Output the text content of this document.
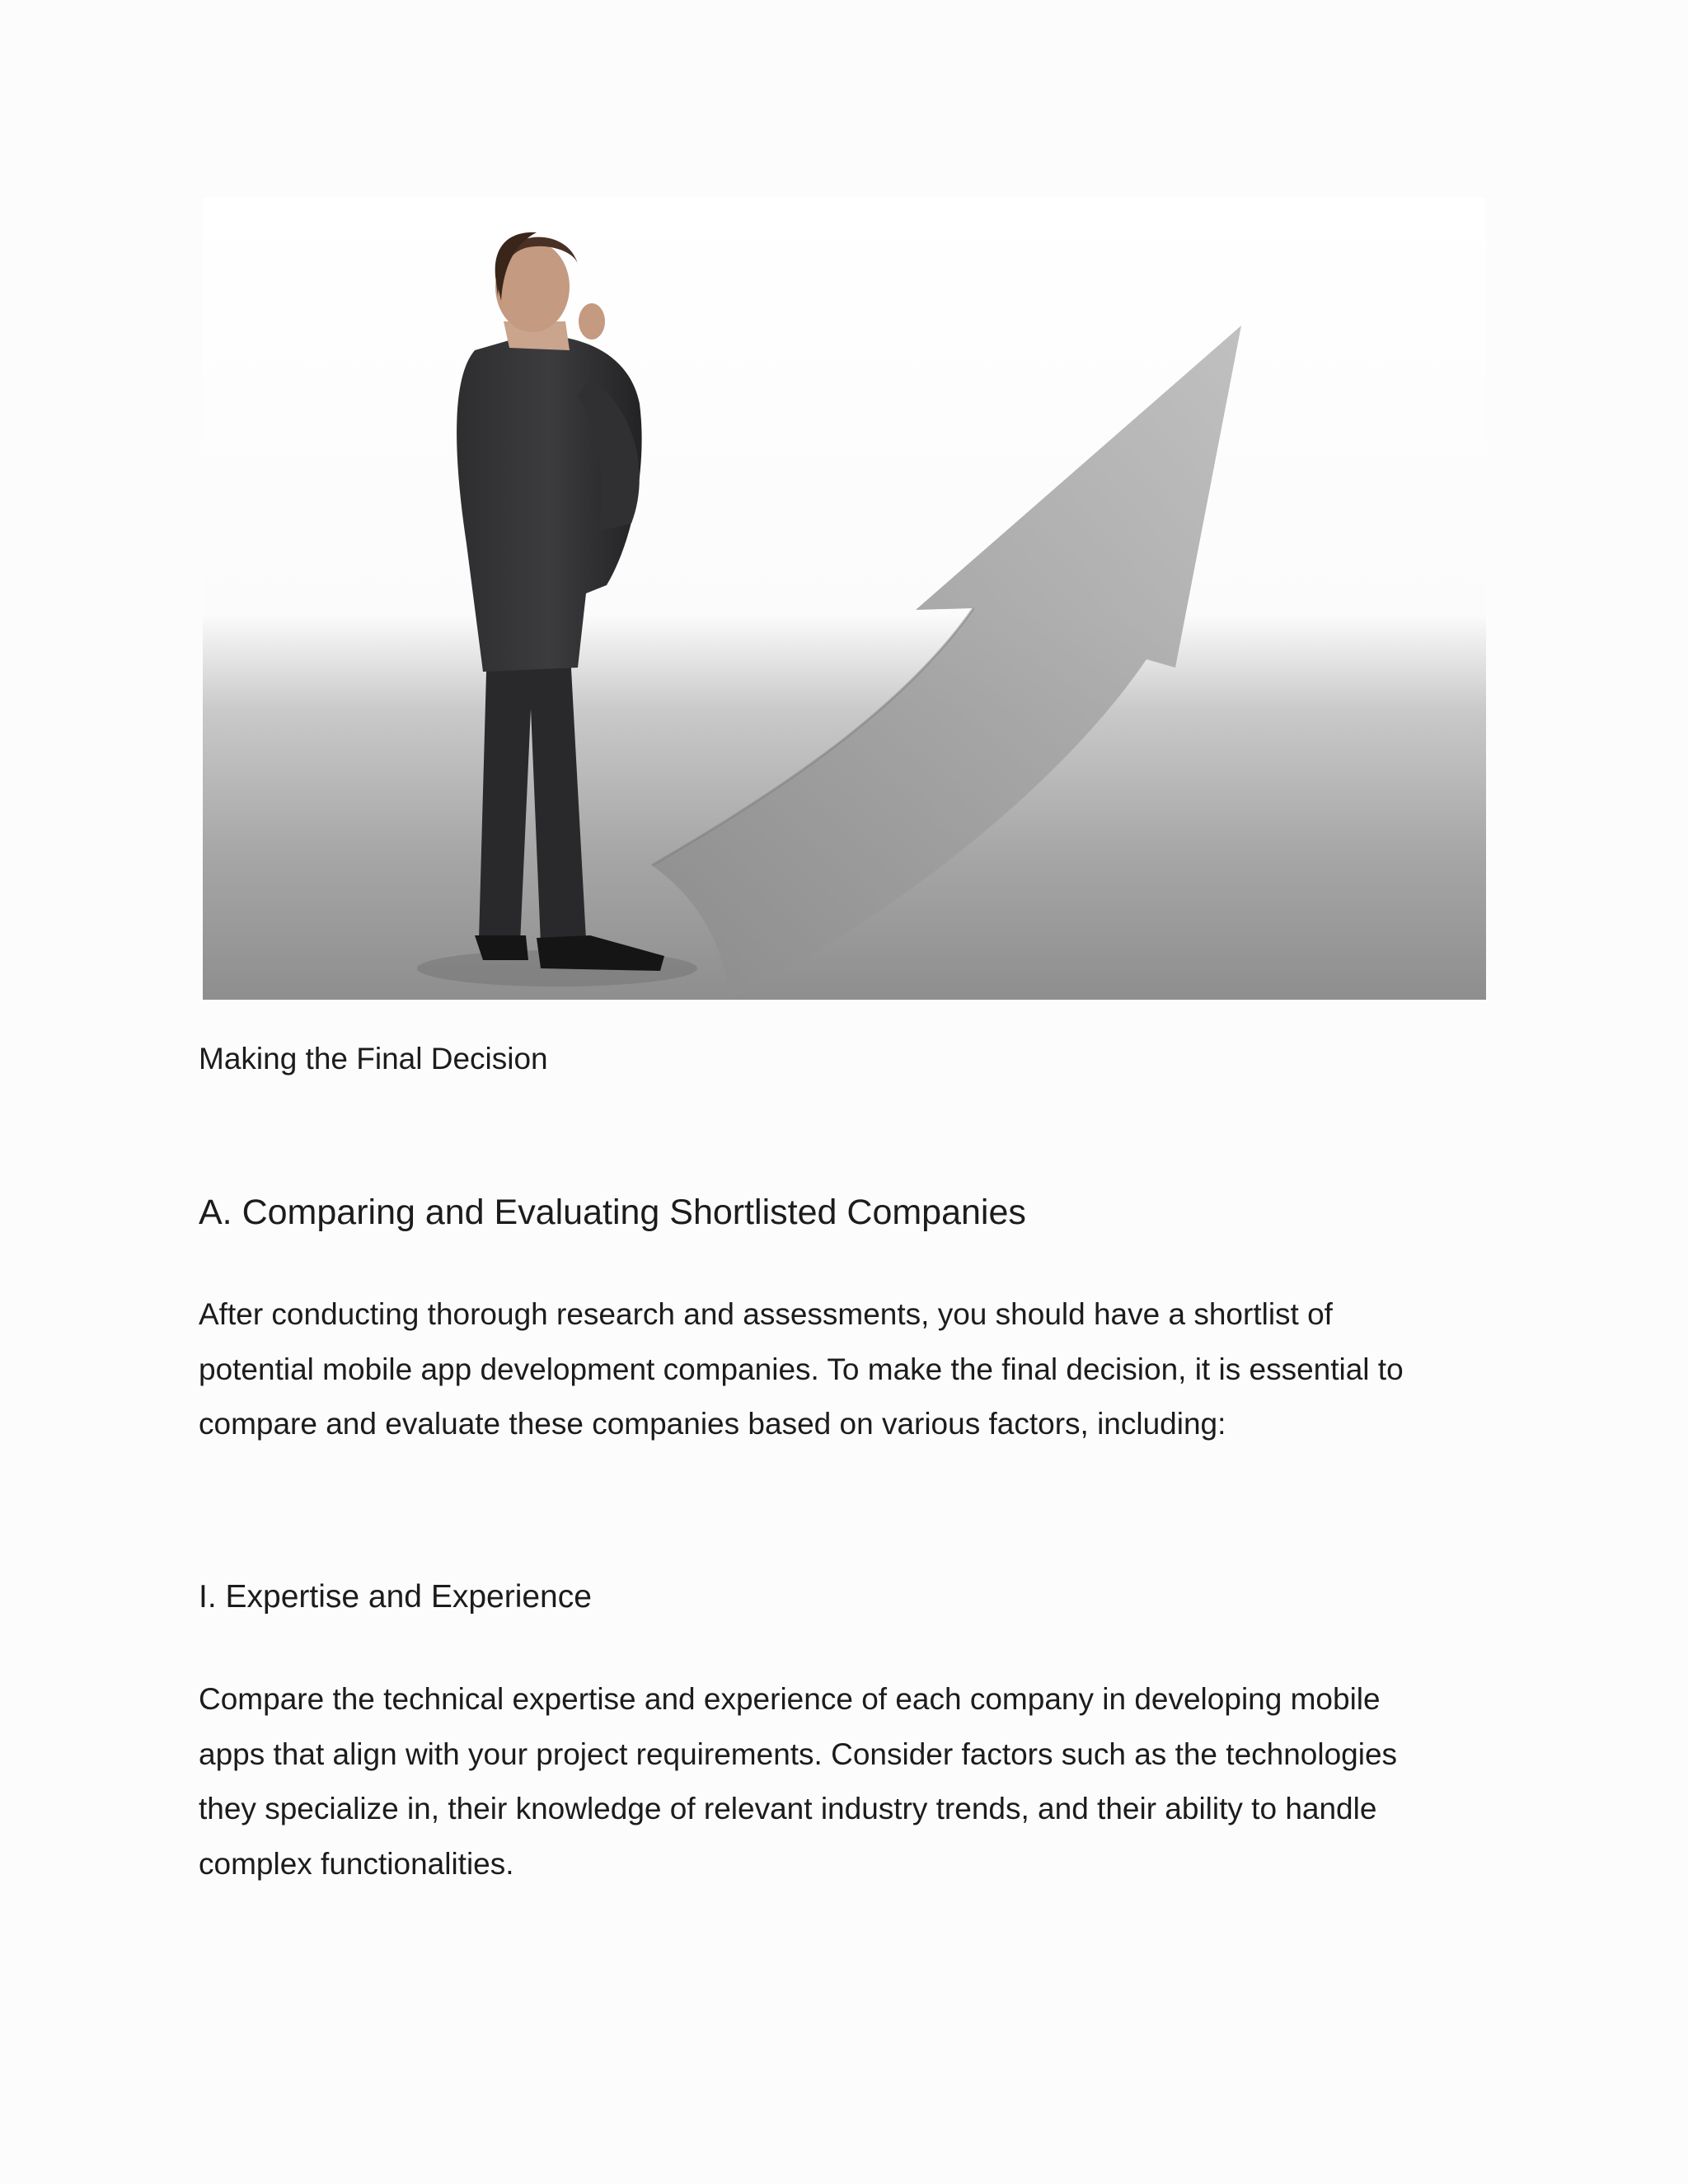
Making the Final Decision
A. Comparing and Evaluating Shortlisted Companies

After conducting thorough research and assessments, you should have a shortlist of
potential mobile app development companies. To make the final decision, it is essential to
compare and evaluate these companies based on various factors, including:

I. Expertise and Experience

Compare the technical expertise and experience of each company in developing mobile
apps that align with your project requirements. Consider factors such as the technologies
they specialize in, their knowledge of relevant industry trends, and their ability to handle
complex functionalities.
